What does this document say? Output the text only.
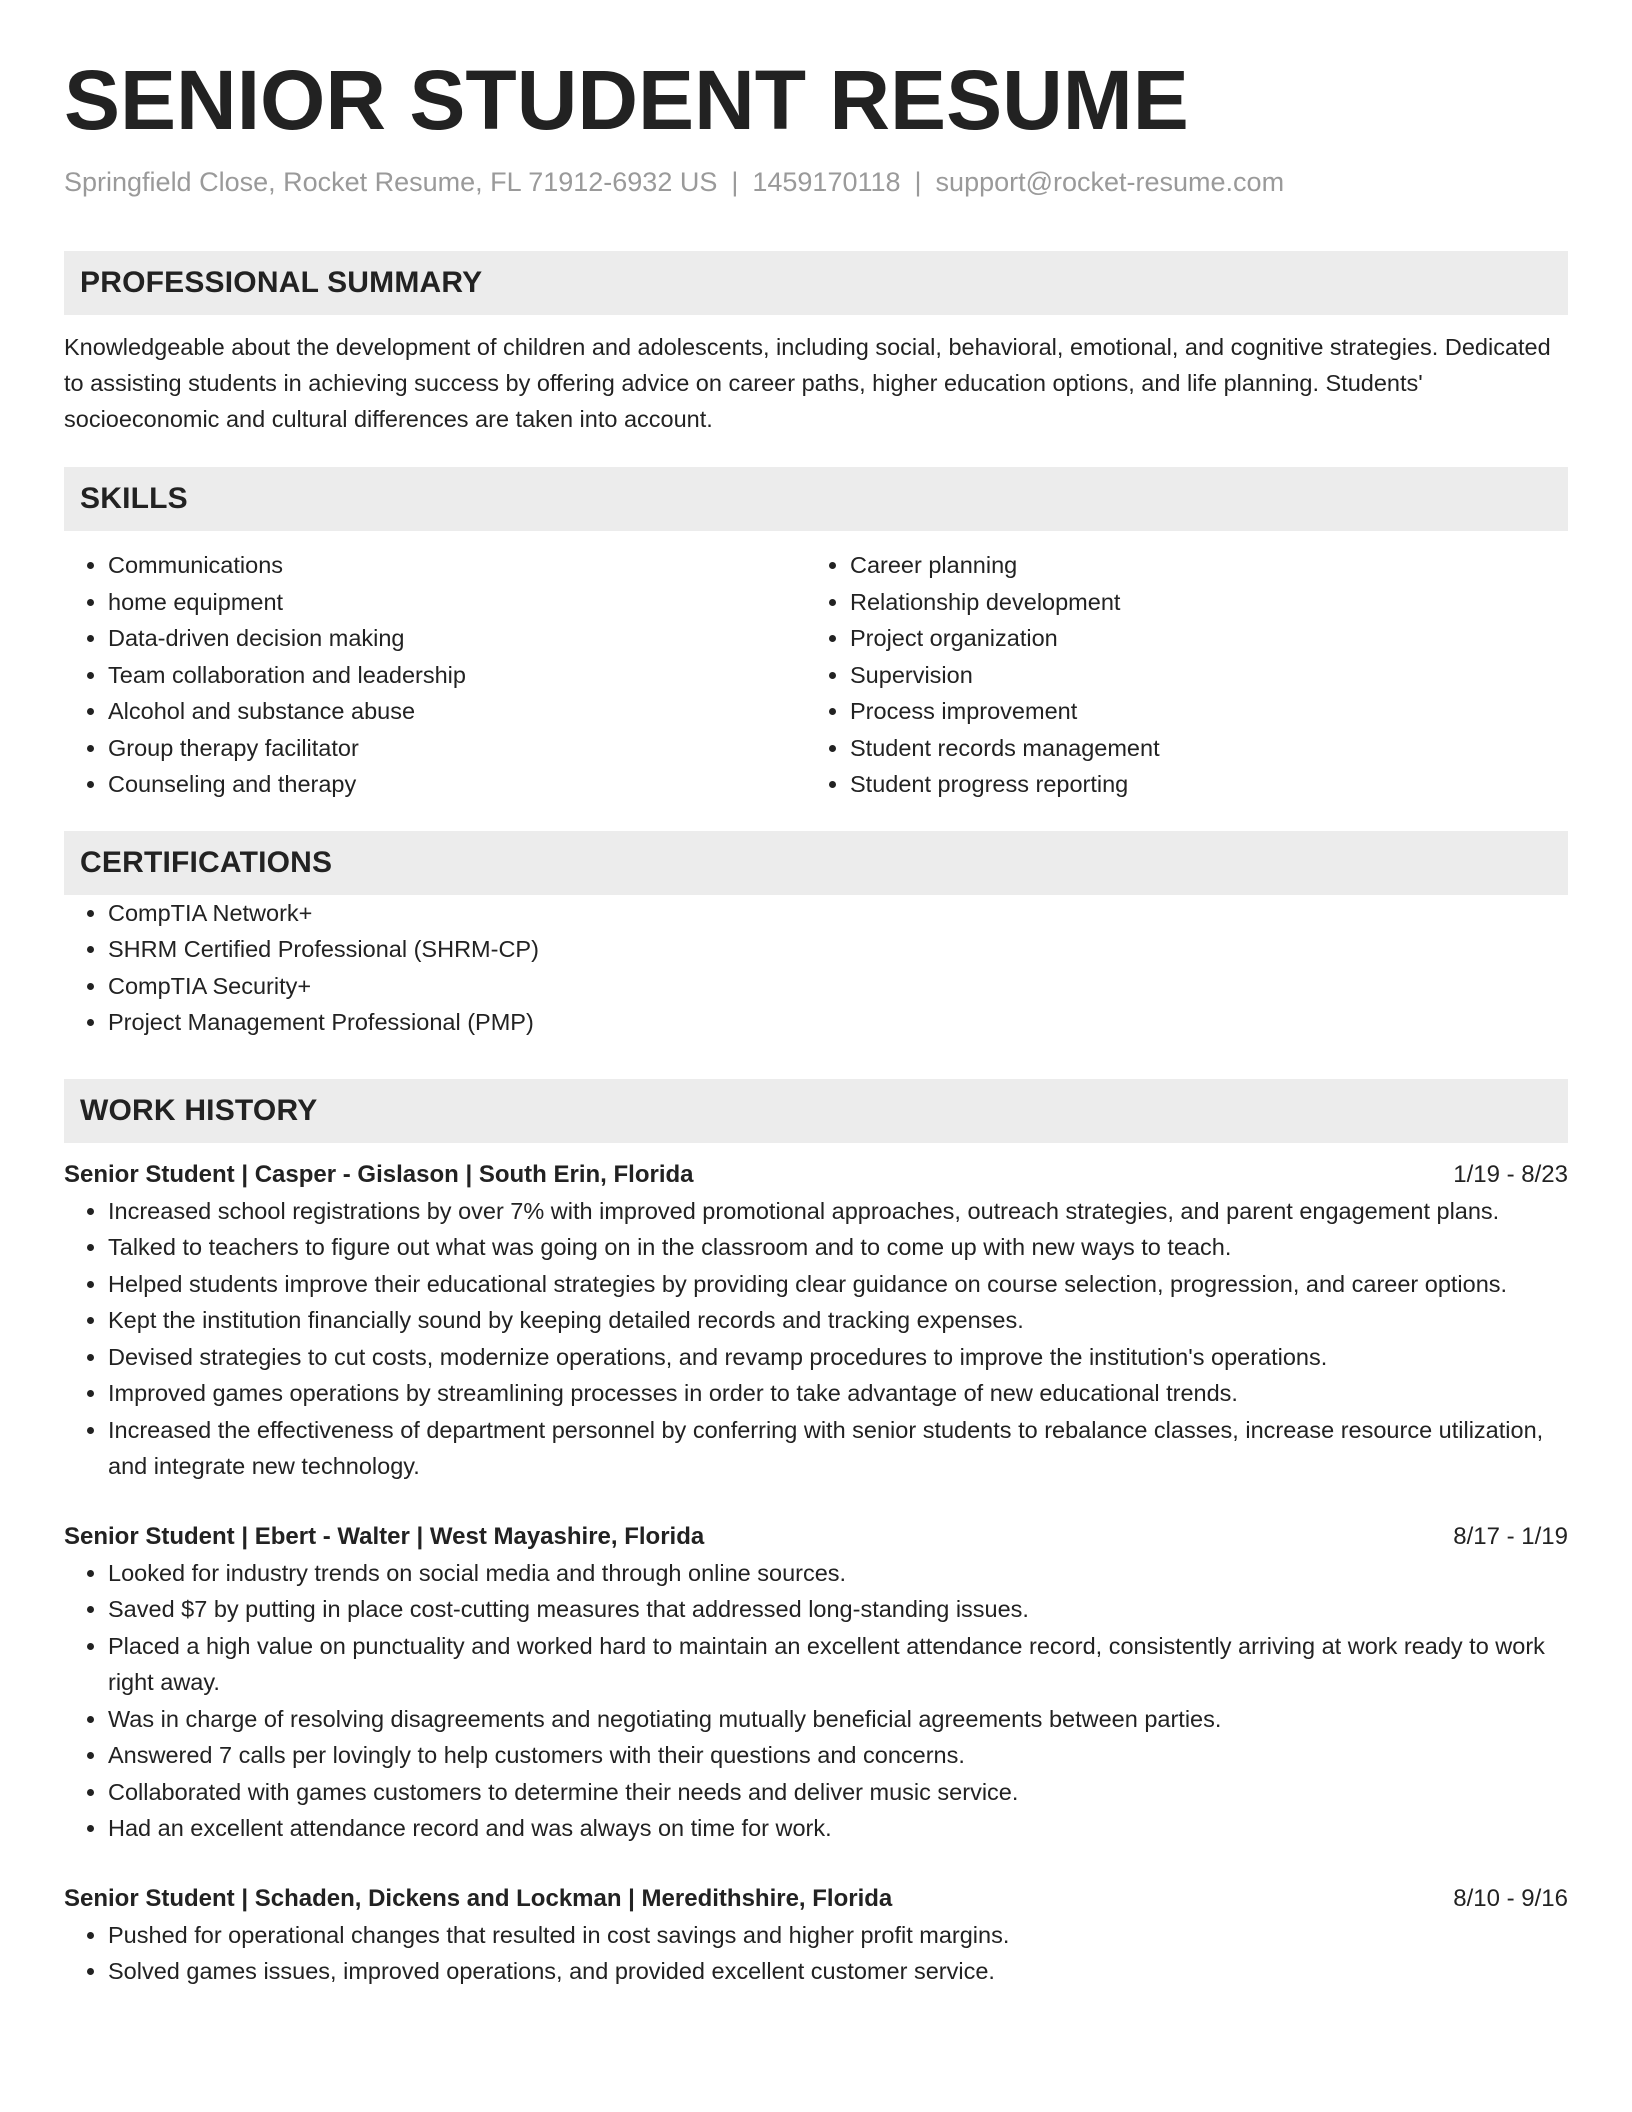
SENIOR STUDENT RESUME
Springfield Close, Rocket Resume, FL 71912-6932 US | 1459170118 | support@rocket-resume.com
PROFESSIONAL SUMMARY

Knowledgeable about the development of children and adolescents, including social, behavioral, emotional, and cognitive strategies. Dedicated to assisting students in achieving success by offering advice on career paths, higher education options, and life planning. Students' socioeconomic and cultural differences are taken into account.

SKILLS
• Communications
• home equipment
• Data-driven decision making
• Team collaboration and leadership
• Alcohol and substance abuse
• Group therapy facilitator
• Counseling and therapy
• Career planning
• Relationship development
• Project organization
• Supervision
• Process improvement
• Student records management
• Student progress reporting
CERTIFICATIONS
• CompTIA Network+
• SHRM Certified Professional (SHRM-CP)
• CompTIA Security+
• Project Management Professional (PMP)
WORK HISTORY
Senior Student | Casper - Gislason | South Erin, Florida	1/19 - 8/23
• Increased school registrations by over 7% with improved promotional approaches, outreach strategies, and parent engagement plans.
• Talked to teachers to figure out what was going on in the classroom and to come up with new ways to teach.
• Helped students improve their educational strategies by providing clear guidance on course selection, progression, and career options.
• Kept the institution financially sound by keeping detailed records and tracking expenses.
• Devised strategies to cut costs, modernize operations, and revamp procedures to improve the institution's operations.
• Improved games operations by streamlining processes in order to take advantage of new educational trends.
• Increased the effectiveness of department personnel by conferring with senior students to rebalance classes, increase resource utilization, and integrate new technology.
Senior Student | Ebert - Walter | West Mayashire, Florida	8/17 - 1/19
• Looked for industry trends on social media and through online sources.
• Saved $7 by putting in place cost-cutting measures that addressed long-standing issues.
• Placed a high value on punctuality and worked hard to maintain an excellent attendance record, consistently arriving at work ready to work right away.
• Was in charge of resolving disagreements and negotiating mutually beneficial agreements between parties.
• Answered 7 calls per lovingly to help customers with their questions and concerns.
• Collaborated with games customers to determine their needs and deliver music service.
• Had an excellent attendance record and was always on time for work.
Senior Student | Schaden, Dickens and Lockman | Meredithshire, Florida	8/10 - 9/16
• Pushed for operational changes that resulted in cost savings and higher profit margins.
• Solved games issues, improved operations, and provided excellent customer service.
